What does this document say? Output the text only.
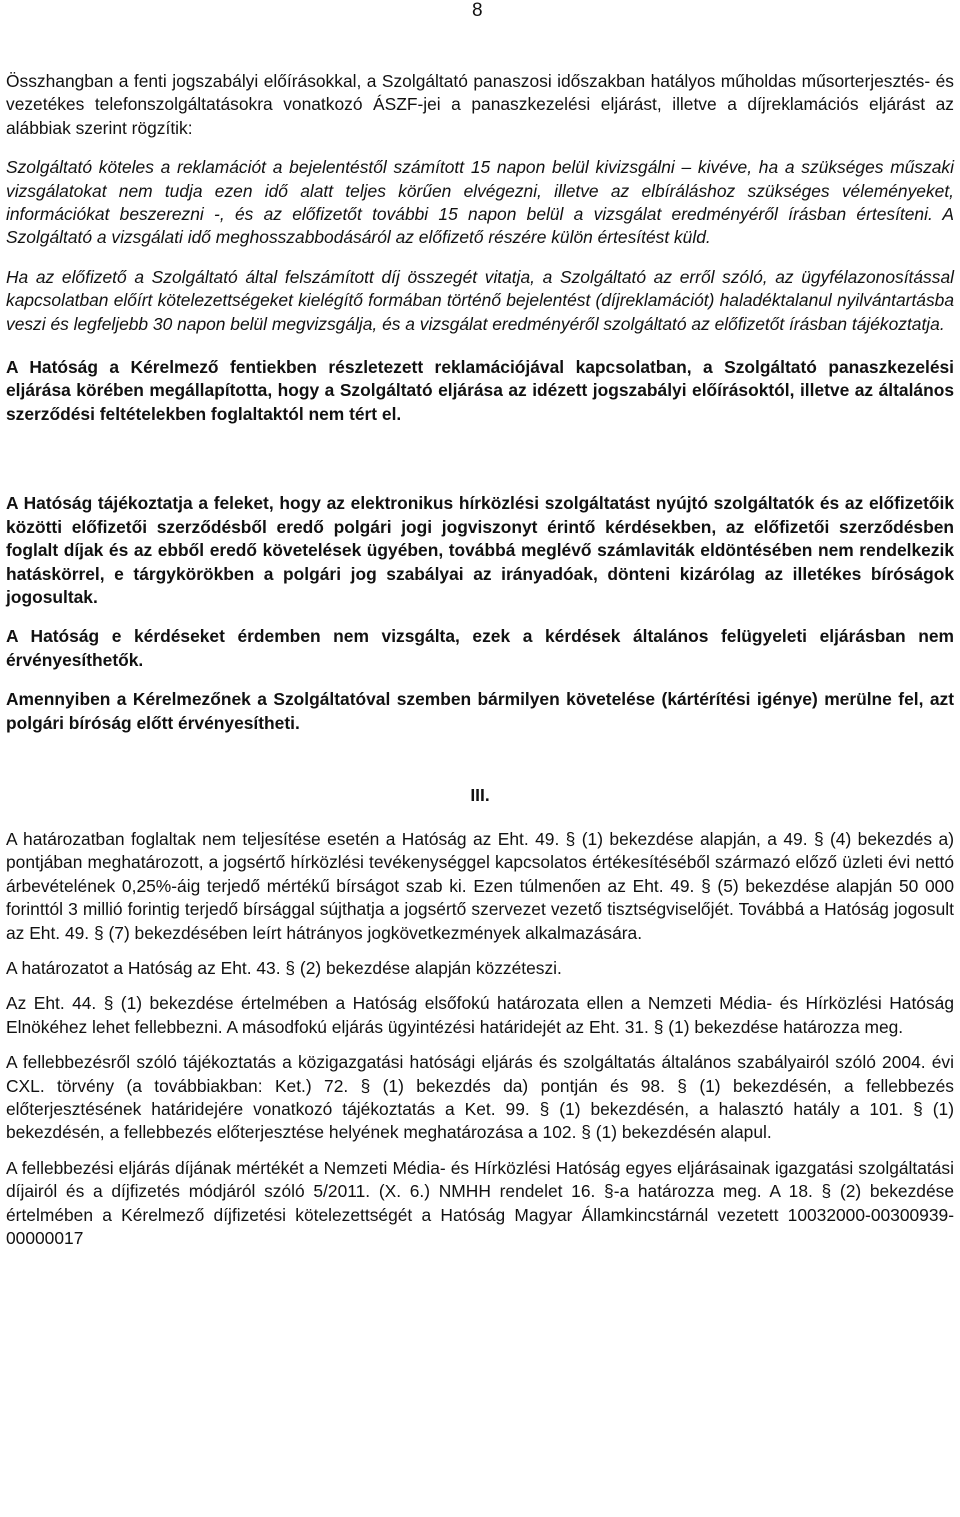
8

Összhangban a fenti jogszabályi előírásokkal, a Szolgáltató panaszosi időszakban hatályos műholdas műsorterjesztés- és vezetékes telefonszolgáltatásokra vonatkozó ÁSZF-jei a panaszkezelési eljárást, illetve a díjreklamációs eljárást az alábbiak szerint rögzítik:

Szolgáltató köteles a reklamációt a bejelentéstől számított 15 napon belül kivizsgálni – kivéve, ha a szükséges műszaki vizsgálatokat nem tudja ezen idő alatt teljes körűen elvégezni, illetve az elbíráláshoz szükséges véleményeket, információkat beszerezni -, és az előfizetőt további 15 napon belül a vizsgálat eredményéről írásban értesíteni. A Szolgáltató a vizsgálati idő meghosszabbodásáról az előfizető részére külön értesítést küld.

Ha az előfizető a Szolgáltató által felszámított díj összegét vitatja, a Szolgáltató az erről szóló, az ügyfélazonosítással kapcsolatban előírt kötelezettségeket kielégítő formában történő bejelentést (díjreklamációt) haladéktalanul nyilvántartásba veszi és legfeljebb 30 napon belül megvizsgálja, és a vizsgálat eredményéről szolgáltató az előfizetőt írásban tájékoztatja.

A Hatóság a Kérelmező fentiekben részletezett reklamációjával kapcsolatban, a Szolgáltató panaszkezelési eljárása körében megállapította, hogy a Szolgáltató eljárása az idézett jogszabályi előírásoktól, illetve az általános szerződési feltételekben foglaltaktól nem tért el.

A Hatóság tájékoztatja a feleket, hogy az elektronikus hírközlési szolgáltatást nyújtó szolgáltatók és az előfizetőik közötti előfizetői szerződésből eredő polgári jogi jogviszonyt érintő kérdésekben, az előfizetői szerződésben foglalt díjak és az ebből eredő követelések ügyében, továbbá meglévő számlaviták eldöntésében nem rendelkezik hatáskörrel, e tárgykörökben a polgári jog szabályai az irányadóak, dönteni kizárólag az illetékes bíróságok jogosultak.

A Hatóság e kérdéseket érdemben nem vizsgálta, ezek a kérdések általános felügyeleti eljárásban nem érvényesíthetők.

Amennyiben a Kérelmezőnek a Szolgáltatóval szemben bármilyen követelése (kártérítési igénye) merülne fel, azt polgári bíróság előtt érvényesítheti.

III.

A határozatban foglaltak nem teljesítése esetén a Hatóság az Eht. 49. § (1) bekezdése alapján, a 49. § (4) bekezdés a) pontjában meghatározott, a jogsértő hírközlési tevékenységgel kapcsolatos értékesítéséből származó előző üzleti évi nettó árbevételének 0,25%-áig terjedő mértékű bírságot szab ki. Ezen túlmenően az Eht. 49. § (5) bekezdése alapján 50 000 forinttól 3 millió forintig terjedő bírsággal sújthatja a jogsértő szervezet vezető tisztségviselőjét. Továbbá a Hatóság jogosult az Eht. 49. § (7) bekezdésében leírt hátrányos jogkövetkezmények alkalmazására.

A határozatot a Hatóság az Eht. 43. § (2) bekezdése alapján közzéteszi.

Az Eht. 44. § (1) bekezdése értelmében a Hatóság elsőfokú határozata ellen a Nemzeti Média- és Hírközlési Hatóság Elnökéhez lehet fellebbezni. A másodfokú eljárás ügyintézési határidejét az Eht. 31. § (1) bekezdése határozza meg.

A fellebbezésről szóló tájékoztatás a közigazgatási hatósági eljárás és szolgáltatás általános szabályairól szóló 2004. évi CXL. törvény (a továbbiakban: Ket.) 72. § (1) bekezdés da) pontján és 98. § (1) bekezdésén, a fellebbezés előterjesztésének határidejére vonatkozó tájékoztatás a Ket. 99. § (1) bekezdésén, a halasztó hatály a 101. § (1) bekezdésén, a fellebbezés előterjesztése helyének meghatározása a 102. § (1) bekezdésén alapul.

A fellebbezési eljárás díjának mértékét a Nemzeti Média- és Hírközlési Hatóság egyes eljárásainak igazgatási szolgáltatási díjairól és a díjfizetés módjáról szóló 5/2011. (X. 6.) NMHH rendelet 16. §-a határozza meg. A 18. § (2) bekezdése értelmében a Kérelmező díjfizetési kötelezettségét a Hatóság Magyar Államkincstárnál vezetett 10032000-00300939-00000017
